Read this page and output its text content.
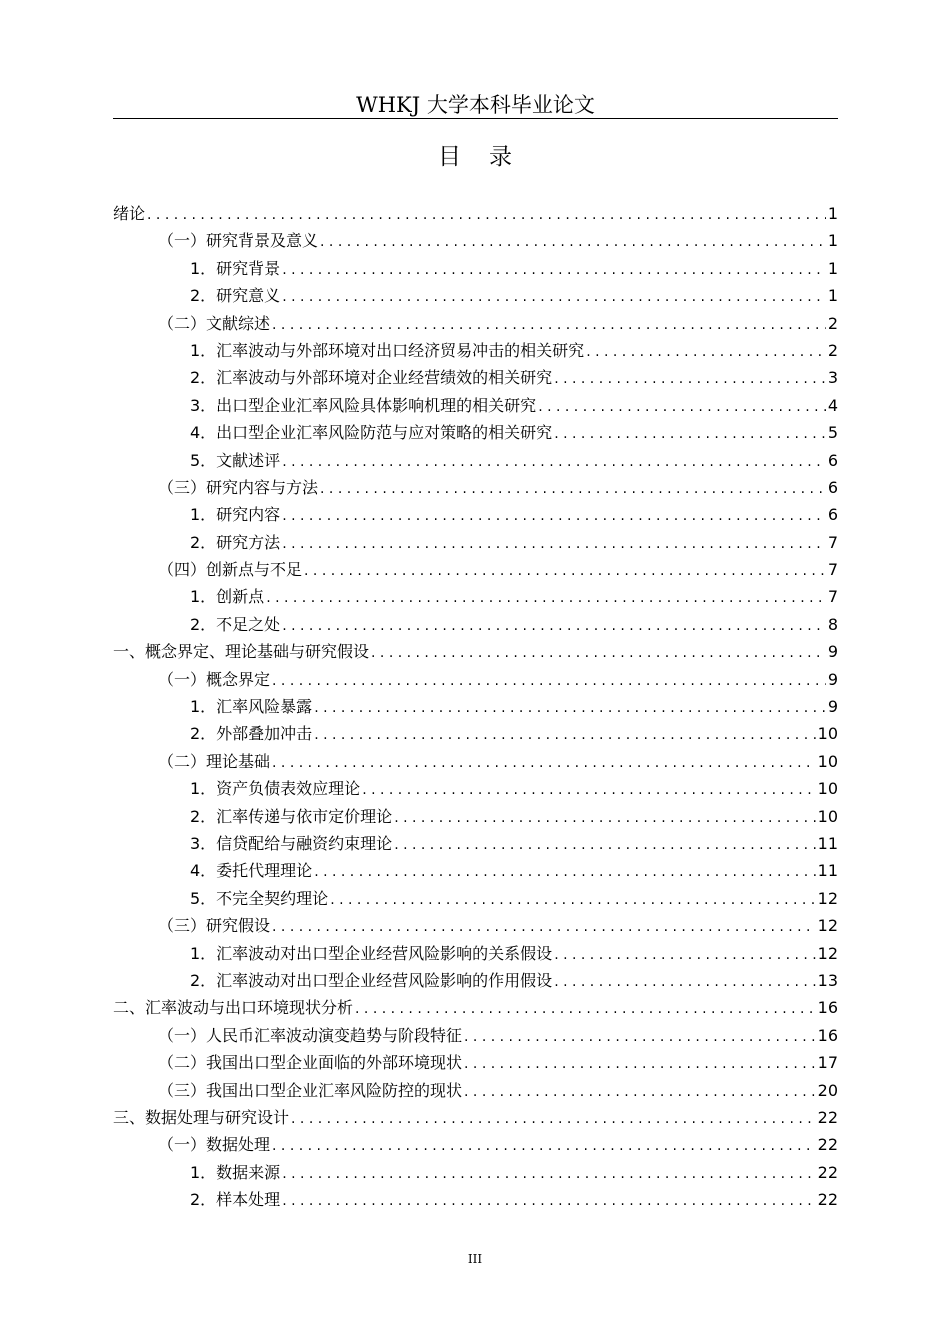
WHKJ 大学本科毕业论文
目录
绪论 . . .	1
（一）研究背景及意义 . . .	1
1．研究背景 . . .	1
2．研究意义 . . .	1
（二）文献综述 . . .	2
1．汇率波动与外部环境对出口经济贸易冲击的相关研究 . . .	2
2．汇率波动与外部环境对企业经营绩效的相关研究 . . .	3
3．出口型企业汇率风险具体影响机理的相关研究 . . .	4
4．出口型企业汇率风险防范与应对策略的相关研究 . . .	5
5．文献述评 . . .	6
（三）研究内容与方法 . . .	6
1．研究内容 . . .	6
2．研究方法 . . .	7
（四）创新点与不足 . . .	7
1．创新点 . . .	7
2．不足之处 . . .	8
一、概念界定、理论基础与研究假设 . . .	9
（一）概念界定 . . .	9
1．汇率风险暴露 . . .	9
2．外部叠加冲击 . . .	10
（二）理论基础 . . .	10
1．资产负债表效应理论 . . .	10
2．汇率传递与依市定价理论 . . .	10
3．信贷配给与融资约束理论 . . .	11
4．委托代理理论 . . .	11
5．不完全契约理论 . . .	12
（三）研究假设 . . .	12
1．汇率波动对出口型企业经营风险影响的关系假设 . . .	12
2．汇率波动对出口型企业经营风险影响的作用假设 . . .	13
二、汇率波动与出口环境现状分析 . . .	16
（一）人民币汇率波动演变趋势与阶段特征 . . .	16
（二）我国出口型企业面临的外部环境现状 . . .	17
（三）我国出口型企业汇率风险防控的现状 . . .	20
三、数据处理与研究设计 . . .	22
（一）数据处理 . . .	22
1．数据来源 . . .	22
2．样本处理 . . .	22
III
